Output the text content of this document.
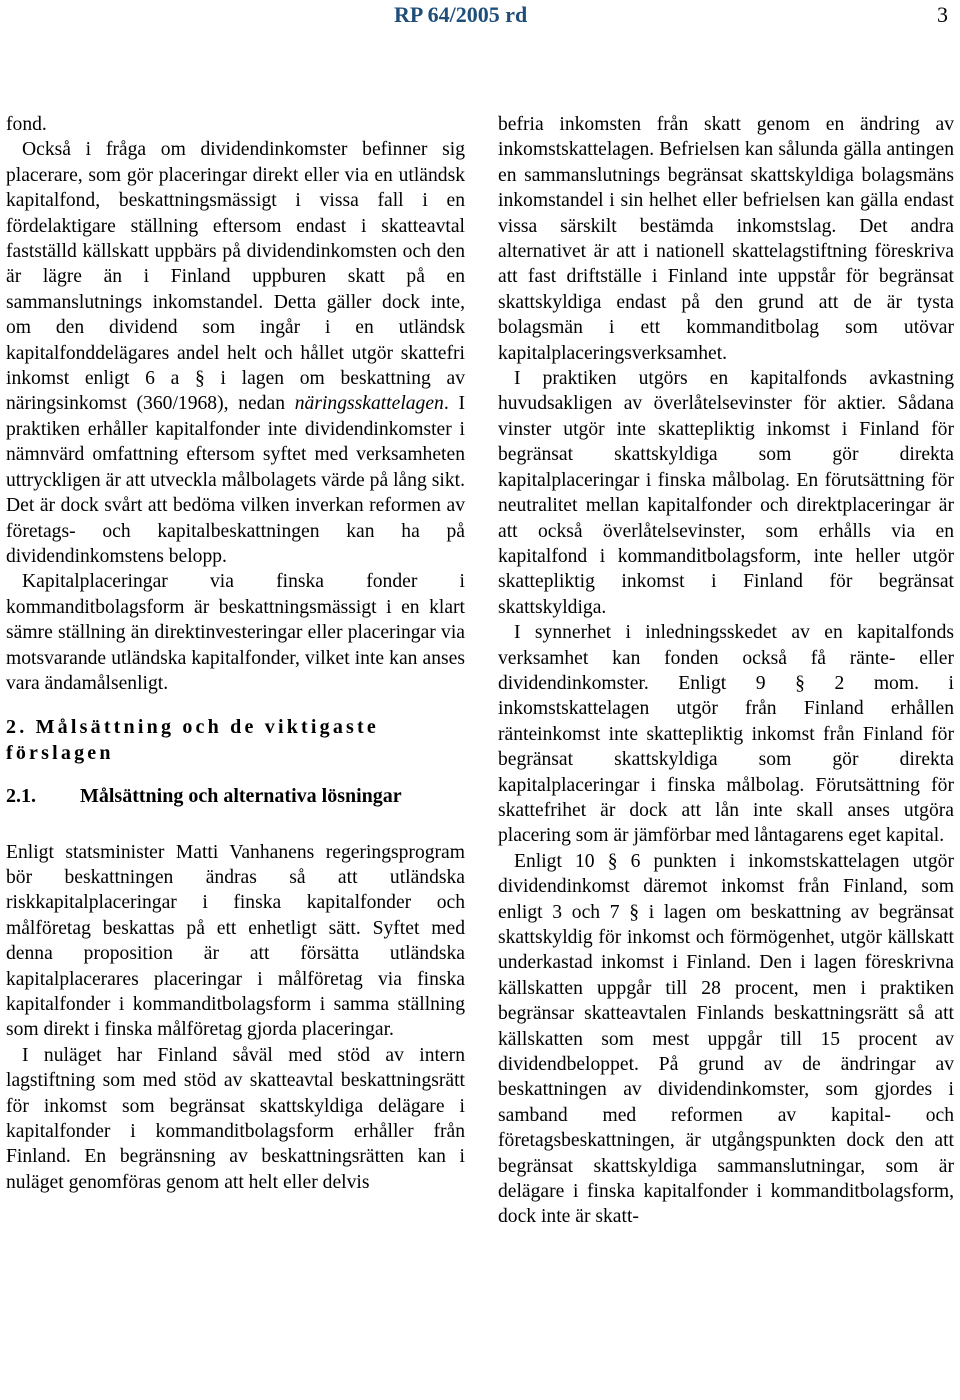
RP 64/2005 rd	3

fond.

Också i fråga om dividendinkomster befinner sig placerare, som gör placeringar direkt eller via en utländsk kapitalfond, beskattningsmässigt i vissa fall i en fördelaktigare ställning eftersom endast i skatteavtal fastställd källskatt uppbärs på dividendinkomsten och den är lägre än i Finland uppburen skatt på en sammanslutnings inkomstandel. Detta gäller dock inte, om den dividend som ingår i en utländsk kapitalfonddelägares andel helt och hållet utgör skattefri inkomst enligt 6 a § i lagen om beskattning av näringsinkomst (360/1968), nedan näringsskattelagen. I praktiken erhåller kapitalfonder inte dividendinkomster i nämnvärd omfattning eftersom syftet med verksamheten uttryckligen är att utveckla målbolagets värde på lång sikt. Det är dock svårt att bedöma vilken inverkan reformen av företags- och kapitalbeskattningen kan ha på dividendinkomstens belopp.

Kapitalplaceringar via finska fonder i kommanditbolagsform är beskattningsmässigt i en klart sämre ställning än direktinvesteringar eller placeringar via motsvarande utländska kapitalfonder, vilket inte kan anses vara ändamålsenligt.

2. Målsättning och de viktigaste förslagen

2.1. Målsättning och alternativa lösningar

Enligt statsminister Matti Vanhanens regeringsprogram bör beskattningen ändras så att utländska riskkapitalplaceringar i finska kapitalfonder och målföretag beskattas på ett enhetligt sätt. Syftet med denna proposition är att försätta utländska kapitalplacerares placeringar i målföretag via finska kapitalfonder i kommanditbolagsform i samma ställning som direkt i finska målföretag gjorda placeringar.

I nuläget har Finland såväl med stöd av intern lagstiftning som med stöd av skatteavtal beskattningsrätt för inkomst som begränsat skattskyldiga delägare i kapitalfonder i kommanditbolagsform erhåller från Finland. En begränsning av beskattningsrätten kan i nuläget genomföras genom att helt eller delvis

befria inkomsten från skatt genom en ändring av inkomstskattelagen. Befrielsen kan sålunda gälla antingen en sammanslutnings begränsat skattskyldiga bolagsmäns inkomstandel i sin helhet eller befrielsen kan gälla endast vissa särskilt bestämda inkomstslag. Det andra alternativet är att i nationell skattelagstiftning föreskriva att fast driftställe i Finland inte uppstår för begränsat skattskyldiga endast på den grund att de är tysta bolagsmän i ett kommanditbolag som utövar kapitalplaceringsverksamhet.

I praktiken utgörs en kapitalfonds avkastning huvudsakligen av överlåtelsevinster för aktier. Sådana vinster utgör inte skattepliktig inkomst i Finland för begränsat skattskyldiga som gör direkta kapitalplaceringar i finska målbolag. En förutsättning för neutralitet mellan kapitalfonder och direktplaceringar är att också överlåtelsevinster, som erhålls via en kapitalfond i kommanditbolagsform, inte heller utgör skattepliktig inkomst i Finland för begränsat skattskyldiga.

I synnerhet i inledningsskedet av en kapitalfonds verksamhet kan fonden också få ränte- eller dividendinkomster. Enligt 9 § 2 mom. i inkomstskattelagen utgör från Finland erhållen ränteinkomst inte skattepliktig inkomst från Finland för begränsat skattskyldiga som gör direkta kapitalplaceringar i finska målbolag. Förutsättning för skattefrihet är dock att lån inte skall anses utgöra placering som är jämförbar med låntagarens eget kapital.

Enligt 10 § 6 punkten i inkomstskattelagen utgör dividendinkomst däremot inkomst från Finland, som enligt 3 och 7 § i lagen om beskattning av begränsat skattskyldig för inkomst och förmögenhet, utgör källskatt underkastad inkomst i Finland. Den i lagen föreskrivna källskatten uppgår till 28 procent, men i praktiken begränsar skatteavtalen Finlands beskattningsrätt så att källskatten som mest uppgår till 15 procent av dividendbeloppet. På grund av de ändringar av beskattningen av dividendinkomster, som gjordes i samband med reformen av kapital- och företagsbeskattningen, är utgångspunkten dock den att begränsat skattskyldiga sammanslutningar, som är delägare i finska kapitalfonder i kommanditbolagsform, dock inte är skatt-
